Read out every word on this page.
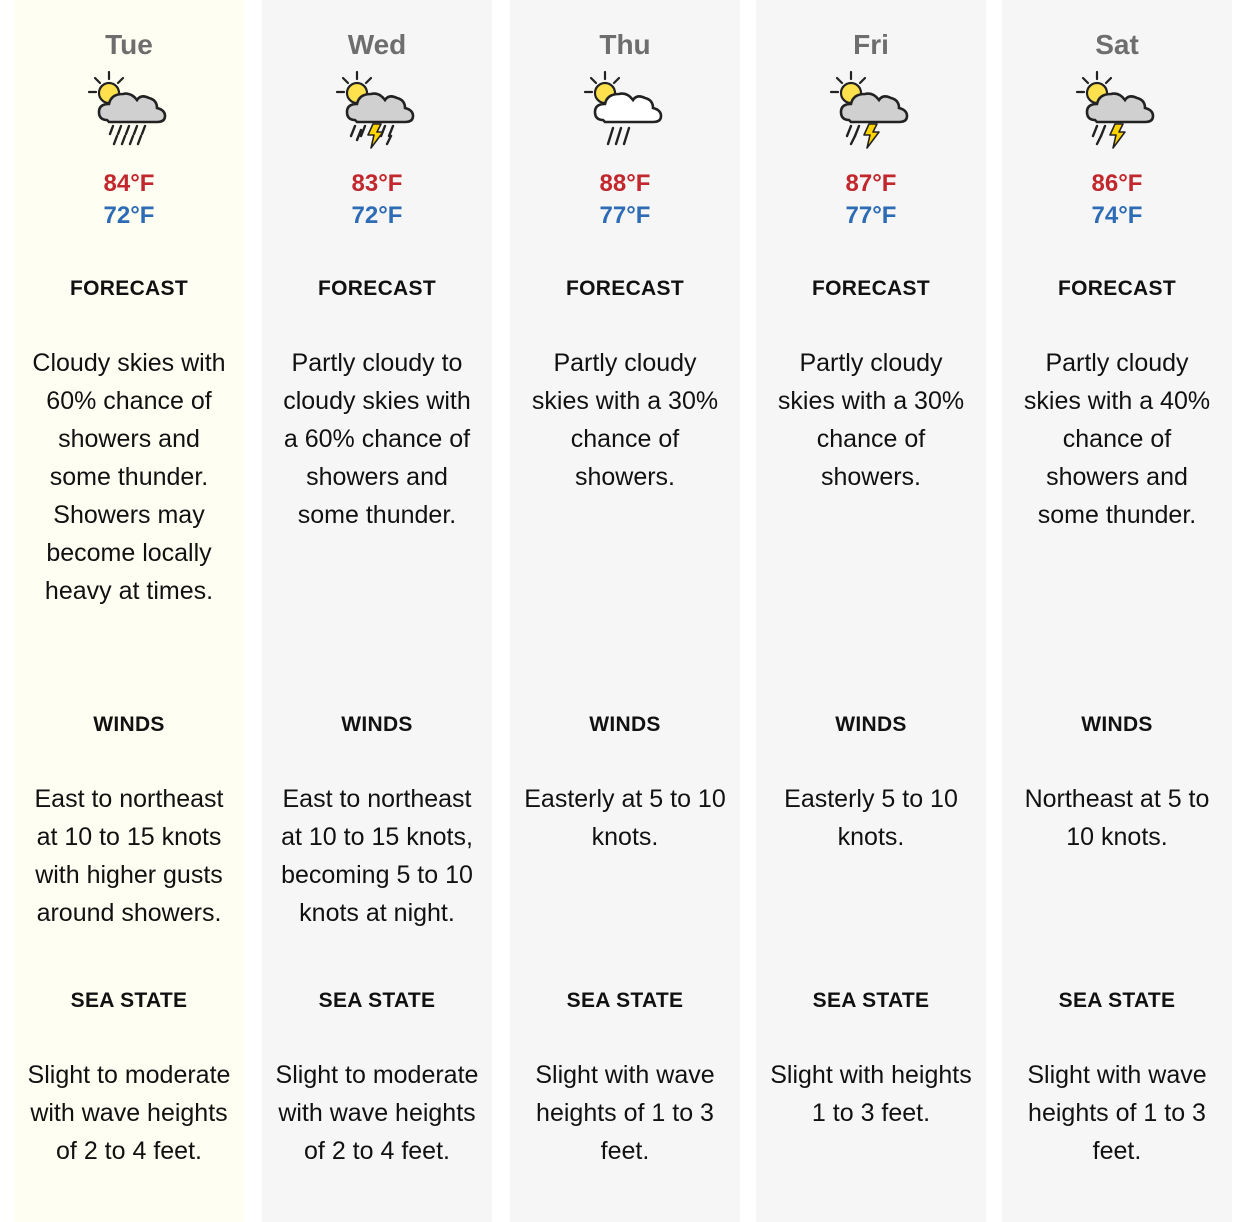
Tue
84°F
72°F
FORECAST
Cloudy skies with 60% chance of showers and some thunder. Showers may become locally heavy at times.
WINDS
East to northeast at 10 to 15 knots with higher gusts around showers.
SEA STATE
Slight to moderate with wave heights of 2 to 4 feet.
Wed
83°F
72°F
FORECAST
Partly cloudy to cloudy skies with a 60% chance of showers and some thunder.
WINDS
East to northeast at 10 to 15 knots, becoming 5 to 10 knots at night.
SEA STATE
Slight to moderate with wave heights of 2 to 4 feet.
Thu
88°F
77°F
FORECAST
Partly cloudy skies with a 30% chance of showers.
WINDS
Easterly at 5 to 10 knots.
SEA STATE
Slight with wave heights of 1 to 3 feet.
Fri
87°F
77°F
FORECAST
Partly cloudy skies with a 30% chance of showers.
WINDS
Easterly 5 to 10 knots.
SEA STATE
Slight with heights 1 to 3 feet.
Sat
86°F
74°F
FORECAST
Partly cloudy skies with a 40% chance of showers and some thunder.
WINDS
Northeast at 5 to 10 knots.
SEA STATE
Slight with wave heights of 1 to 3 feet.
